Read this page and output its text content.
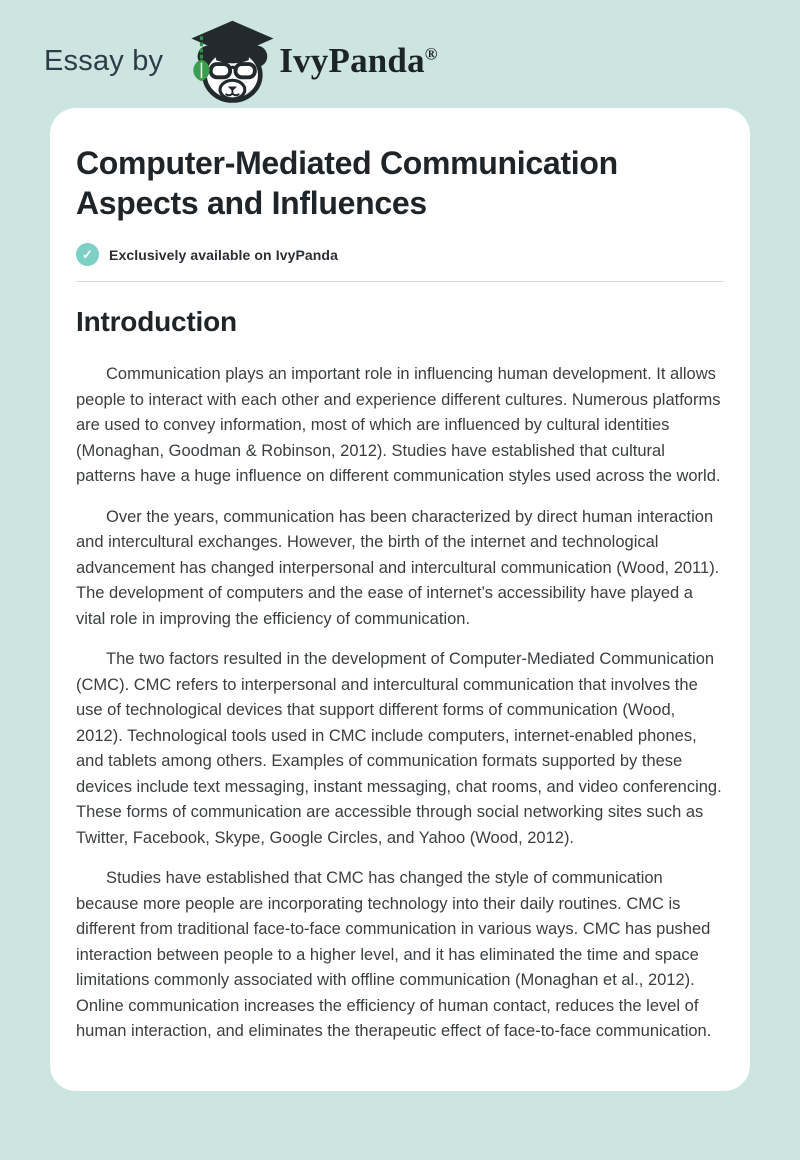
Essay by	IvyPanda®
Computer-Mediated Communication Aspects and Influences
✓	Exclusively available on IvyPanda
Introduction

Communication plays an important role in influencing human development. It allows people to interact with each other and experience different cultures. Numerous platforms are used to convey information, most of which are influenced by cultural identities (Monaghan, Goodman & Robinson, 2012). Studies have established that cultural patterns have a huge influence on different communication styles used across the world.

Over the years, communication has been characterized by direct human interaction and intercultural exchanges. However, the birth of the internet and technological advancement has changed interpersonal and intercultural communication (Wood, 2011). The development of computers and the ease of internet’s accessibility have played a vital role in improving the efficiency of communication.

The two factors resulted in the development of Computer-Mediated Communication (CMC). CMC refers to interpersonal and intercultural communication that involves the use of technological devices that support different forms of communication (Wood, 2012). Technological tools used in CMC include computers, internet-enabled phones, and tablets among others. Examples of communication formats supported by these devices include text messaging, instant messaging, chat rooms, and video conferencing. These forms of communication are accessible through social networking sites such as Twitter, Facebook, Skype, Google Circles, and Yahoo (Wood, 2012).

Studies have established that CMC has changed the style of communication because more people are incorporating technology into their daily routines. CMC is different from traditional face-to-face communication in various ways. CMC has pushed interaction between people to a higher level, and it has eliminated the time and space limitations commonly associated with offline communication (Monaghan et al., 2012). Online communication increases the efficiency of human contact, reduces the level of human interaction, and eliminates the therapeutic effect of face-to-face communication.
